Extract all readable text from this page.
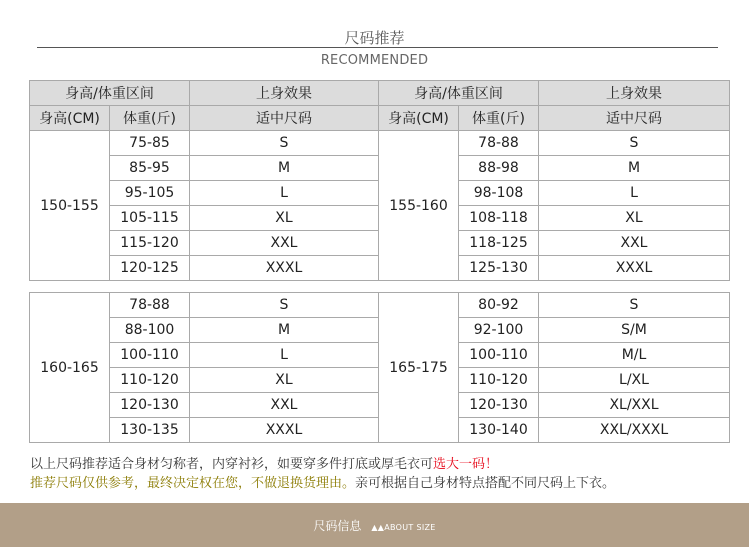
尺码推荐
RECOMMENDED
身高/体重区间		上身效果	身高/体重区间		上身效果
身高(CM)	体重(斤)	适中尺码	身高(CM)	体重(斤)	适中尺码
150-155	75-85	S	155-160	78-88	S
	85-95	M		88-98	M
	95-105	L		98-108	L
	105-115	XL		108-118	XL
	115-120	XXL		118-125	XXL
	120-125	XXXL		125-130	XXXL
160-165	78-88	S	165-175	80-92	S
	88-100	M		92-100	S/M
	100-110	L		100-110	M/L
	110-120	XL		110-120	L/XL
	120-130	XXL		120-130	XL/XXL
	130-135	XXXL		130-140	XXL/XXXL
以上尺码推荐适合身材匀称者，内穿衬衫，如要穿多件打底或厚毛衣可选大一码！
推荐尺码仅供参考，最终决定权在您，不做退换货理由。亲可根据自己身材特点搭配不同尺码上下衣。
尺码信息 ▲▲ABOUT SIZE
